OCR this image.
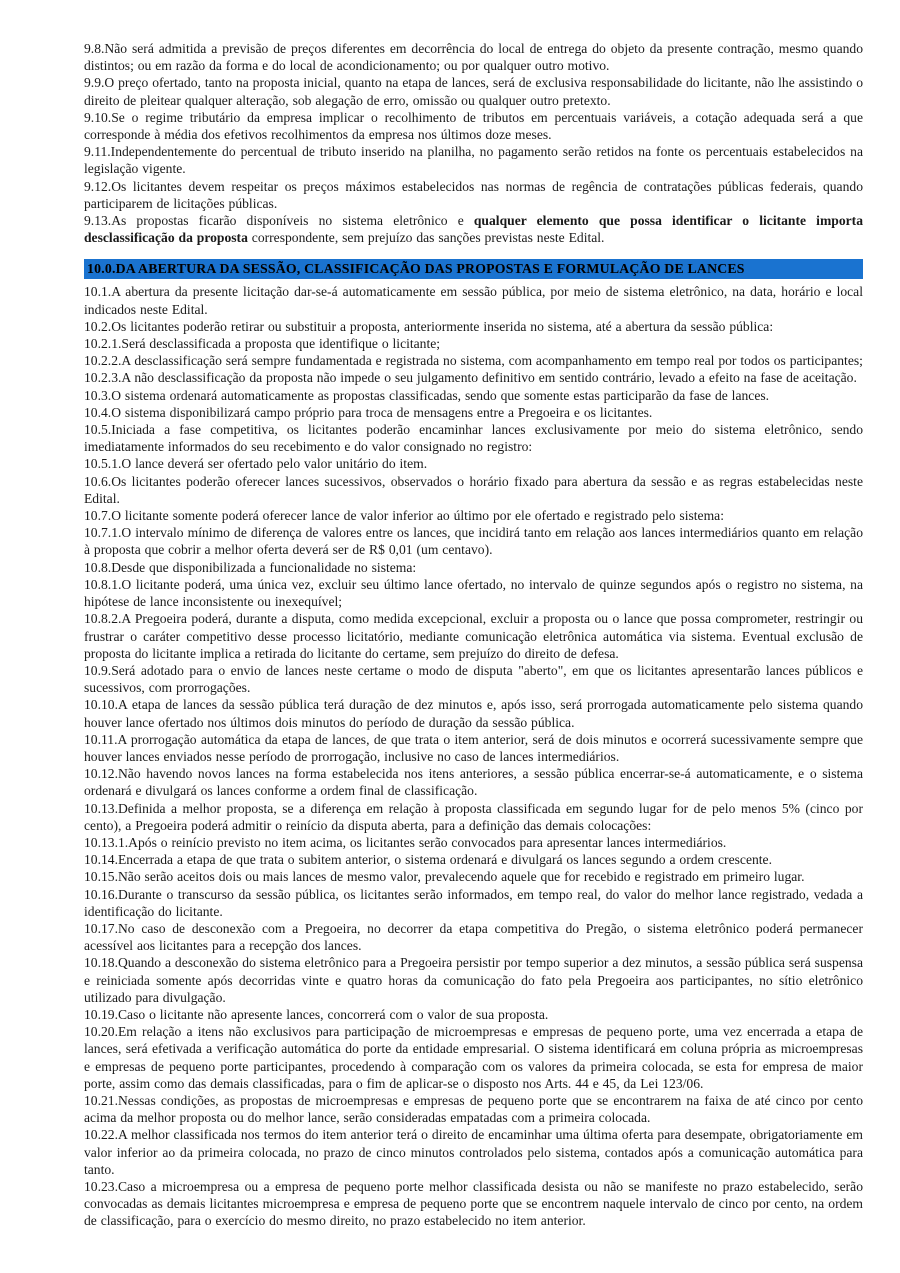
9.8.Não será admitida a previsão de preços diferentes em decorrência do local de entrega do objeto da presente contração, mesmo quando distintos; ou em razão da forma e do local de acondicionamento; ou por qualquer outro motivo.

9.9.O preço ofertado, tanto na proposta inicial, quanto na etapa de lances, será de exclusiva responsabilidade do licitante, não lhe assistindo o direito de pleitear qualquer alteração, sob alegação de erro, omissão ou qualquer outro pretexto.

9.10.Se o regime tributário da empresa implicar o recolhimento de tributos em percentuais variáveis, a cotação adequada será a que corresponde à média dos efetivos recolhimentos da empresa nos últimos doze meses.

9.11.Independentemente do percentual de tributo inserido na planilha, no pagamento serão retidos na fonte os percentuais estabelecidos na legislação vigente.

9.12.Os licitantes devem respeitar os preços máximos estabelecidos nas normas de regência de contratações públicas federais, quando participarem de licitações públicas.

9.13.As propostas ficarão disponíveis no sistema eletrônico e qualquer elemento que possa identificar o licitante importa desclassificação da proposta correspondente, sem prejuízo das sanções previstas neste Edital.

10.0.DA ABERTURA DA SESSÃO, CLASSIFICAÇÃO DAS PROPOSTAS E FORMULAÇÃO DE LANCES

10.1.A abertura da presente licitação dar-se-á automaticamente em sessão pública, por meio de sistema eletrônico, na data, horário e local indicados neste Edital.

10.2.Os licitantes poderão retirar ou substituir a proposta, anteriormente inserida no sistema, até a abertura da sessão pública:

10.2.1.Será desclassificada a proposta que identifique o licitante;

10.2.2.A desclassificação será sempre fundamentada e registrada no sistema, com acompanhamento em tempo real por todos os participantes;

10.2.3.A não desclassificação da proposta não impede o seu julgamento definitivo em sentido contrário, levado a efeito na fase de aceitação.

10.3.O sistema ordenará automaticamente as propostas classificadas, sendo que somente estas participarão da fase de lances.

10.4.O sistema disponibilizará campo próprio para troca de mensagens entre a Pregoeira e os licitantes.

10.5.Iniciada a fase competitiva, os licitantes poderão encaminhar lances exclusivamente por meio do sistema eletrônico, sendo imediatamente informados do seu recebimento e do valor consignado no registro:

10.5.1.O lance deverá ser ofertado pelo valor unitário do item.

10.6.Os licitantes poderão oferecer lances sucessivos, observados o horário fixado para abertura da sessão e as regras estabelecidas neste Edital.

10.7.O licitante somente poderá oferecer lance de valor inferior ao último por ele ofertado e registrado pelo sistema:

10.7.1.O intervalo mínimo de diferença de valores entre os lances, que incidirá tanto em relação aos lances intermediários quanto em relação à proposta que cobrir a melhor oferta deverá ser de R$ 0,01 (um centavo).

10.8.Desde que disponibilizada a funcionalidade no sistema:

10.8.1.O licitante poderá, uma única vez, excluir seu último lance ofertado, no intervalo de quinze segundos após o registro no sistema, na hipótese de lance inconsistente ou inexequível;

10.8.2.A Pregoeira poderá, durante a disputa, como medida excepcional, excluir a proposta ou o lance que possa comprometer, restringir ou frustrar o caráter competitivo desse processo licitatório, mediante comunicação eletrônica automática via sistema. Eventual exclusão de proposta do licitante implica a retirada do licitante do certame, sem prejuízo do direito de defesa.

10.9.Será adotado para o envio de lances neste certame o modo de disputa "aberto", em que os licitantes apresentarão lances públicos e sucessivos, com prorrogações.

10.10.A etapa de lances da sessão pública terá duração de dez minutos e, após isso, será prorrogada automaticamente pelo sistema quando houver lance ofertado nos últimos dois minutos do período de duração da sessão pública.

10.11.A prorrogação automática da etapa de lances, de que trata o item anterior, será de dois minutos e ocorrerá sucessivamente sempre que houver lances enviados nesse período de prorrogação, inclusive no caso de lances intermediários.

10.12.Não havendo novos lances na forma estabelecida nos itens anteriores, a sessão pública encerrar-se-á automaticamente, e o sistema ordenará e divulgará os lances conforme a ordem final de classificação.

10.13.Definida a melhor proposta, se a diferença em relação à proposta classificada em segundo lugar for de pelo menos 5% (cinco por cento), a Pregoeira poderá admitir o reinício da disputa aberta, para a definição das demais colocações:

10.13.1.Após o reinício previsto no item acima, os licitantes serão convocados para apresentar lances intermediários.

10.14.Encerrada a etapa de que trata o subitem anterior, o sistema ordenará e divulgará os lances segundo a ordem crescente.

10.15.Não serão aceitos dois ou mais lances de mesmo valor, prevalecendo aquele que for recebido e registrado em primeiro lugar.

10.16.Durante o transcurso da sessão pública, os licitantes serão informados, em tempo real, do valor do melhor lance registrado, vedada a identificação do licitante.

10.17.No caso de desconexão com a Pregoeira, no decorrer da etapa competitiva do Pregão, o sistema eletrônico poderá permanecer acessível aos licitantes para a recepção dos lances.

10.18.Quando a desconexão do sistema eletrônico para a Pregoeira persistir por tempo superior a dez minutos, a sessão pública será suspensa e reiniciada somente após decorridas vinte e quatro horas da comunicação do fato pela Pregoeira aos participantes, no sítio eletrônico utilizado para divulgação.

10.19.Caso o licitante não apresente lances, concorrerá com o valor de sua proposta.

10.20.Em relação a itens não exclusivos para participação de microempresas e empresas de pequeno porte, uma vez encerrada a etapa de lances, será efetivada a verificação automática do porte da entidade empresarial. O sistema identificará em coluna própria as microempresas e empresas de pequeno porte participantes, procedendo à comparação com os valores da primeira colocada, se esta for empresa de maior porte, assim como das demais classificadas, para o fim de aplicar-se o disposto nos Arts. 44 e 45, da Lei 123/06.

10.21.Nessas condições, as propostas de microempresas e empresas de pequeno porte que se encontrarem na faixa de até cinco por cento acima da melhor proposta ou do melhor lance, serão consideradas empatadas com a primeira colocada.

10.22.A melhor classificada nos termos do item anterior terá o direito de encaminhar uma última oferta para desempate, obrigatoriamente em valor inferior ao da primeira colocada, no prazo de cinco minutos controlados pelo sistema, contados após a comunicação automática para tanto.

10.23.Caso a microempresa ou a empresa de pequeno porte melhor classificada desista ou não se manifeste no prazo estabelecido, serão convocadas as demais licitantes microempresa e empresa de pequeno porte que se encontrem naquele intervalo de cinco por cento, na ordem de classificação, para o exercício do mesmo direito, no prazo estabelecido no item anterior.
